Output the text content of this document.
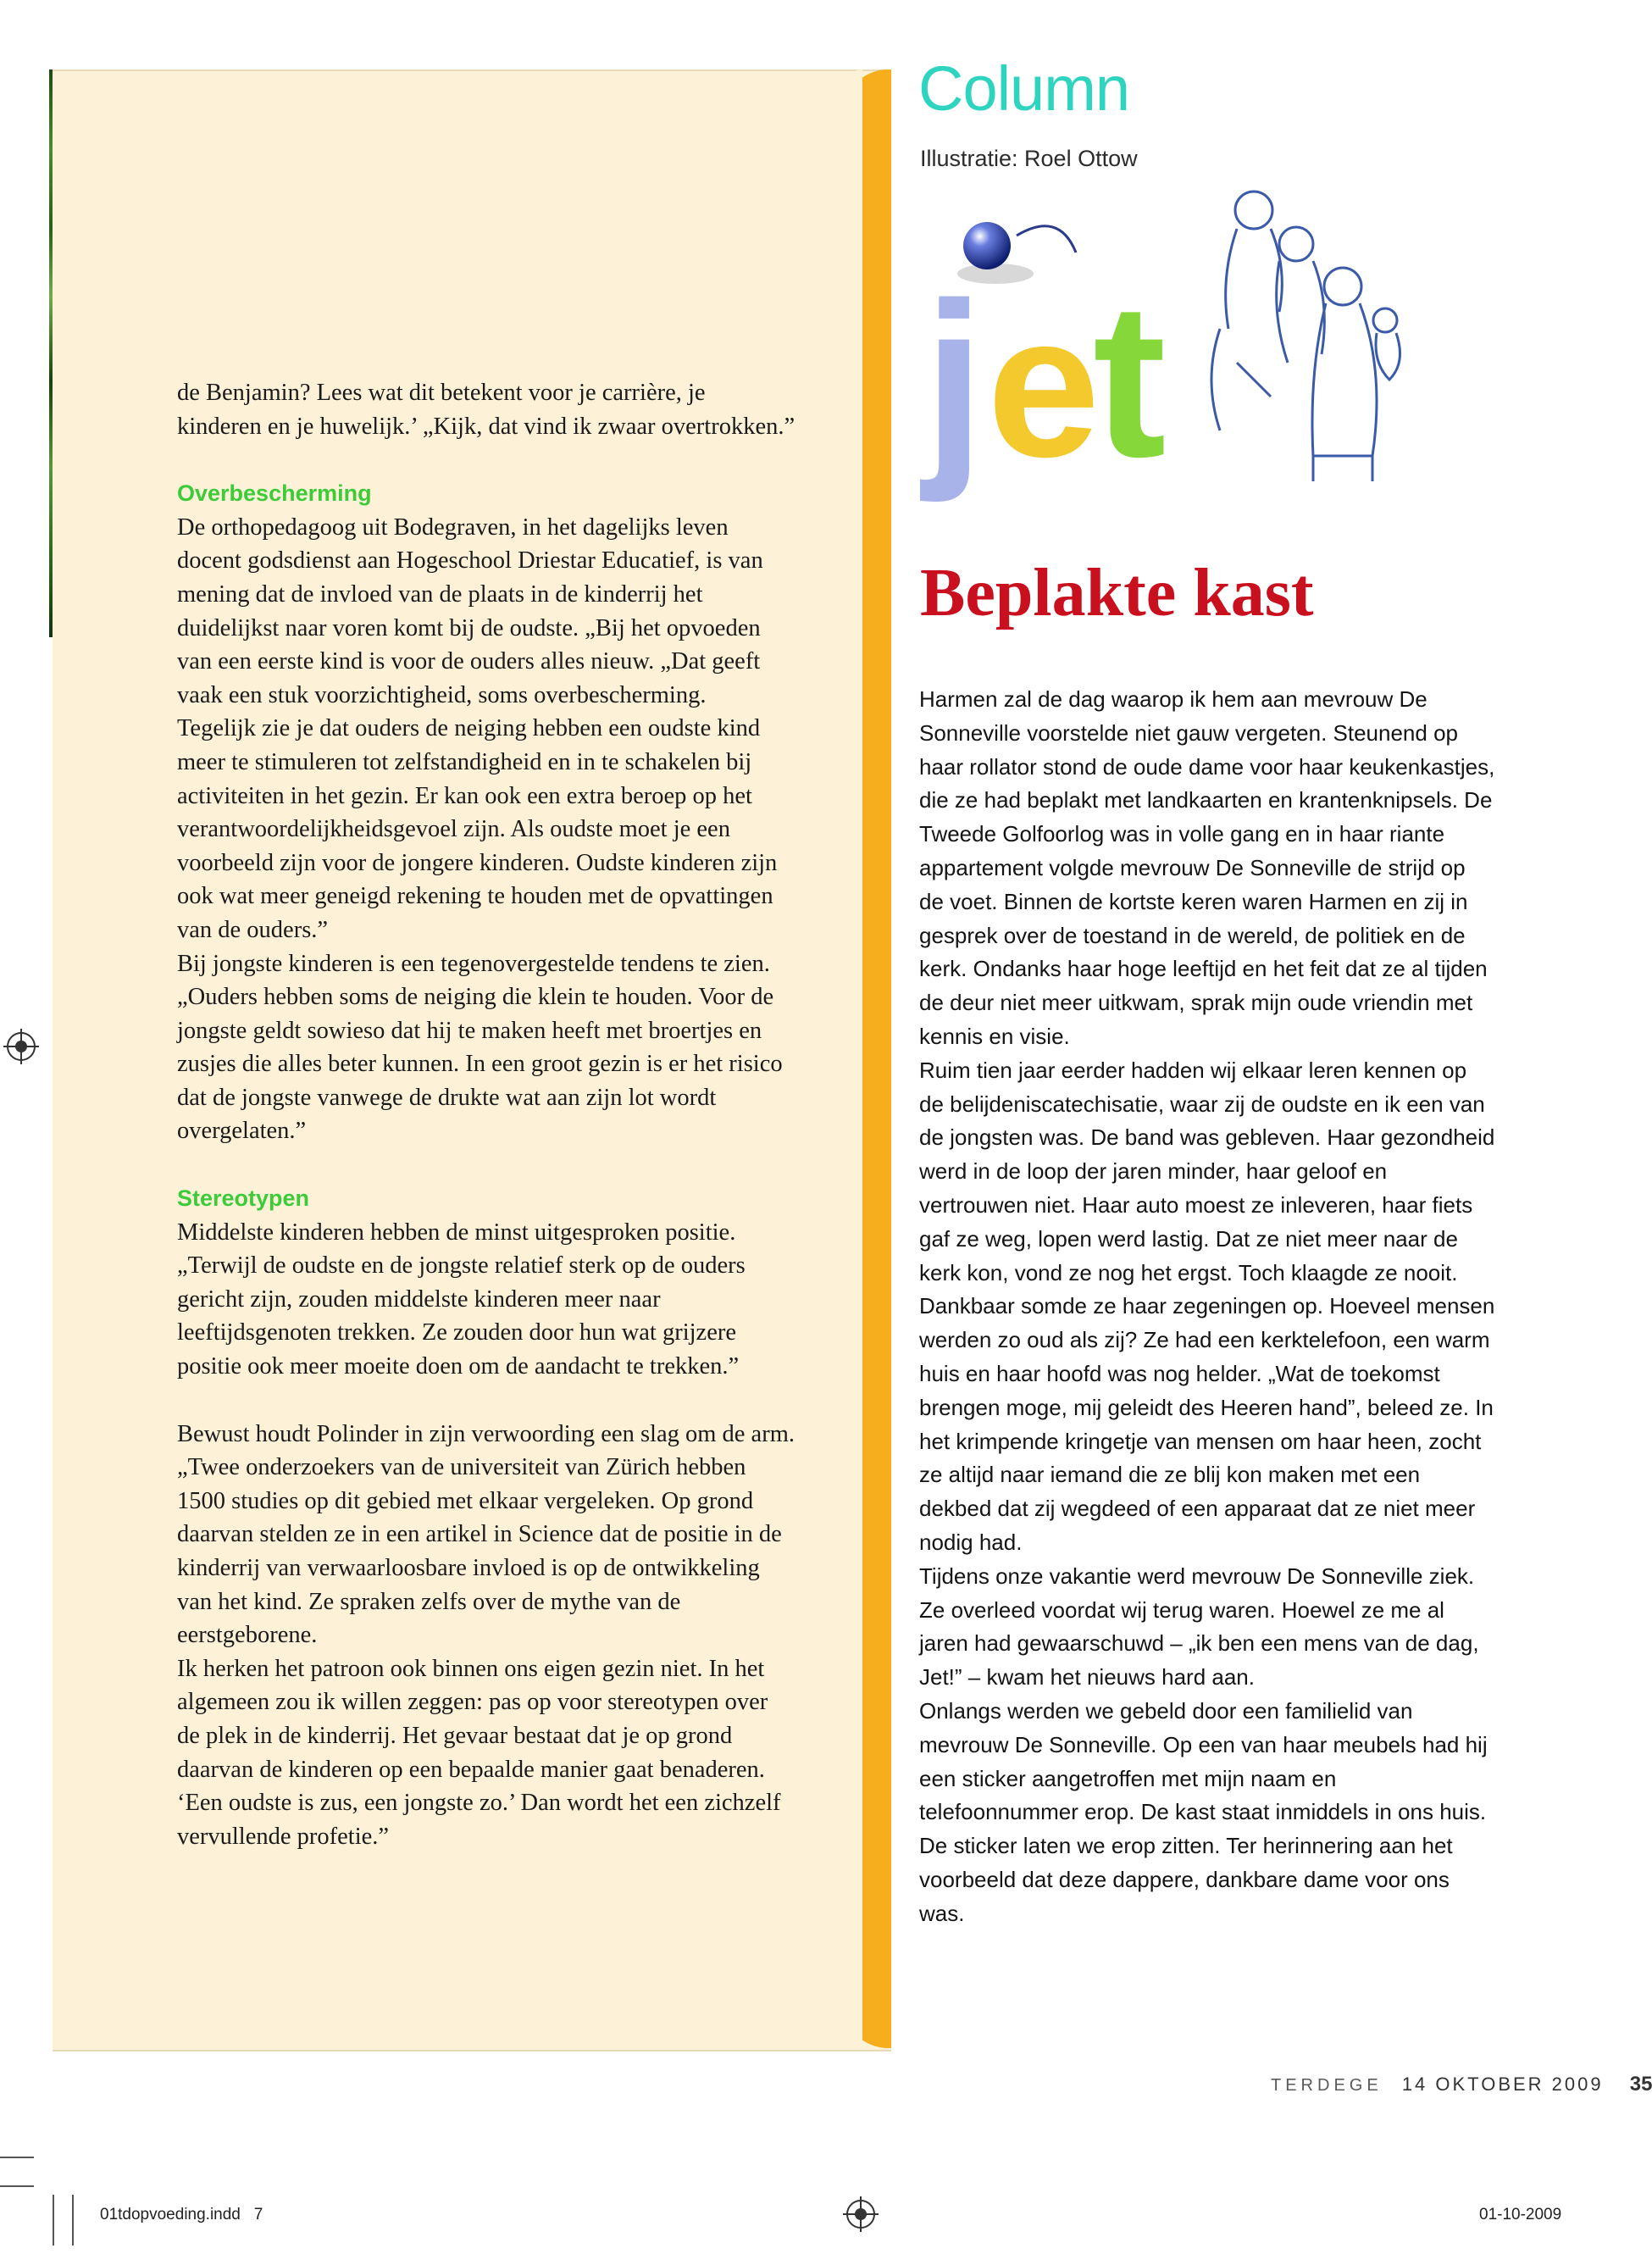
de Benjamin? Lees wat dit betekent voor je carrière, je kinderen en je huwelijk.’ „Kijk, dat vind ik zwaar overtrokken.”

Overbescherming

De orthopedagoog uit Bodegraven, in het dagelijks leven docent godsdienst aan Hogeschool Driestar Educatief, is van mening dat de invloed van de plaats in de kinderrij het duidelijkst naar voren komt bij de oudste. „Bij het opvoeden van een eerste kind is voor de ouders alles nieuw. „Dat geeft vaak een stuk voorzichtigheid, soms overbescherming.

Tegelijk zie je dat ouders de neiging hebben een oudste kind meer te stimuleren tot zelfstandigheid en in te schakelen bij activiteiten in het gezin. Er kan ook een extra beroep op het verantwoordelijkheidsgevoel zijn. Als oudste moet je een voorbeeld zijn voor de jongere kinderen. Oudste kinderen zijn ook wat meer geneigd rekening te houden met de opvattingen van de ouders.”

Bij jongste kinderen is een tegenovergestelde tendens te zien. „Ouders hebben soms de neiging die klein te houden. Voor de jongste geldt sowieso dat hij te maken heeft met broertjes en zusjes die alles beter kunnen. In een groot gezin is er het risico dat de jongste vanwege de drukte wat aan zijn lot wordt overgelaten.”

Stereotypen

Middelste kinderen hebben de minst uitgesproken positie. „Terwijl de oudste en de jongste relatief sterk op de ouders gericht zijn, zouden middelste kinderen meer naar leeftijdsgenoten trekken. Ze zouden door hun wat grijzere positie ook meer moeite doen om de aandacht te trekken.”

Bewust houdt Polinder in zijn verwoording een slag om de arm. „Twee onderzoekers van de universiteit van Zürich hebben 1500 studies op dit gebied met elkaar vergeleken. Op grond daarvan stelden ze in een artikel in Science dat de positie in de kinderrij van verwaarloosbare invloed is op de ontwikkeling van het kind. Ze spraken zelfs over de mythe van de eerstgeborene.

Ik herken het patroon ook binnen ons eigen gezin niet. In het algemeen zou ik willen zeggen: pas op voor stereotypen over de plek in de kinderrij. Het gevaar bestaat dat je op grond daarvan de kinderen op een bepaalde manier gaat benaderen. ‘Een oudste is zus, een jongste zo.’ Dan wordt het een zichzelf vervullende profetie.”

Column
Illustratie: Roel Ottow
j e
t
Beplakte kast

Harmen zal de dag waarop ik hem aan mevrouw De Sonneville voorstelde niet gauw vergeten. Steunend op haar rollator stond de oude dame voor haar keukenkastjes, die ze had beplakt met landkaarten en krantenknipsels. De Tweede Golfoorlog was in volle gang en in haar riante appartement volgde mevrouw De Sonneville de strijd op de voet. Binnen de kortste keren waren Harmen en zij in gesprek over de toestand in de wereld, de politiek en de kerk. Ondanks haar hoge leeftijd en het feit dat ze al tijden de deur niet meer uitkwam, sprak mijn oude vriendin met kennis en visie.

Ruim tien jaar eerder hadden wij elkaar leren kennen op de belijdeniscatechisatie, waar zij de oudste en ik een van de jongsten was. De band was gebleven. Haar gezondheid werd in de loop der jaren minder, haar geloof en vertrouwen niet. Haar auto moest ze inleveren, haar fiets gaf ze weg, lopen werd lastig. Dat ze niet meer naar de kerk kon, vond ze nog het ergst. Toch klaagde ze nooit. Dankbaar somde ze haar zegeningen op. Hoeveel mensen werden zo oud als zij? Ze had een kerktelefoon, een warm huis en haar hoofd was nog helder. „Wat de toekomst brengen moge, mij geleidt des Heeren hand”, beleed ze. In het krimpende kringetje van mensen om haar heen, zocht ze altijd naar iemand die ze blij kon maken met een dekbed dat zij wegdeed of een apparaat dat ze niet meer nodig had.

Tijdens onze vakantie werd mevrouw De Sonneville ziek. Ze overleed voordat wij terug waren. Hoewel ze me al jaren had gewaarschuwd – „ik ben een mens van de dag, Jet!” – kwam het nieuws hard aan.

Onlangs werden we gebeld door een familielid van mevrouw De Sonneville. Op een van haar meubels had hij een sticker aangetroffen met mijn naam en telefoonnummer erop. De kast staat inmiddels in ons huis. De sticker laten we erop zitten. Ter herinnering aan het voorbeeld dat deze dappere, dankbare dame voor ons was.

TERDEGE 14 OKTOBER 2009 35
01tdopvoeding.indd   7	01-10-2009
